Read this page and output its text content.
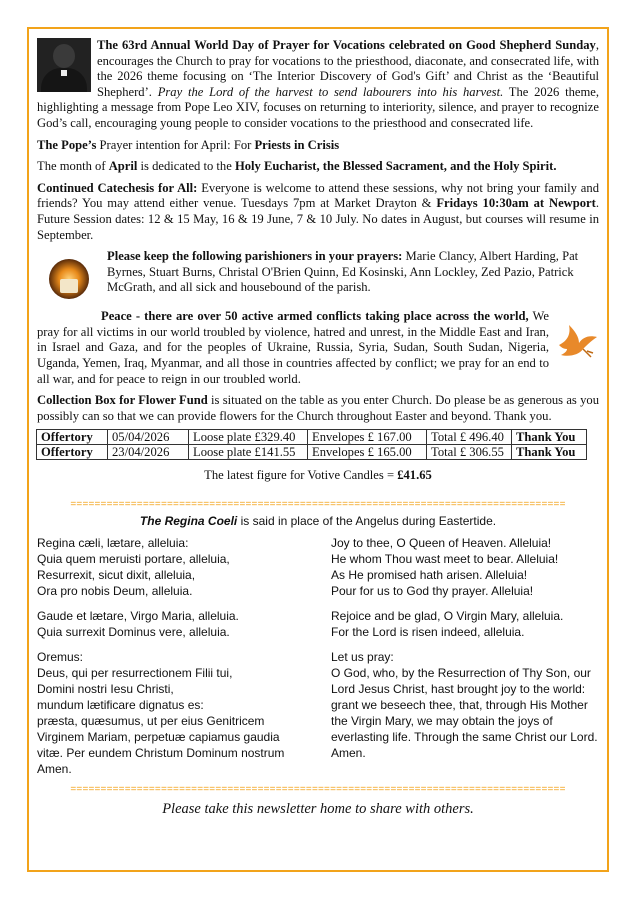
The 63rd Annual World Day of Prayer for Vocations celebrated on Good Shepherd Sunday, encourages the Church to pray for vocations to the priesthood, diaconate, and consecrated life, with the 2026 theme focusing on ‘The Interior Discovery of God's Gift’ and Christ as the ‘Beautiful Shepherd’. Pray the Lord of the harvest to send labourers into his harvest. The 2026 theme, highlighting a message from Pope Leo XIV, focuses on returning to interiority, silence, and prayer to recognize God’s call, encouraging young people to consider vocations to the priesthood and consecrated life.

The Pope’s Prayer intention for April: For Priests in Crisis

The month of April is dedicated to the Holy Eucharist, the Blessed Sacrament, and the Holy Spirit.

Continued Catechesis for All: Everyone is welcome to attend these sessions, why not bring your family and friends? You may attend either venue. Tuesdays 7pm at Market Drayton & Fridays 10:30am at Newport. Future Session dates: 12 & 15 May, 16 & 19 June, 7 & 10 July. No dates in August, but courses will resume in September.

Please keep the following parishioners in your prayers: Marie Clancy, Albert Harding, Pat Byrnes, Stuart Burns, Christal O'Brien Quinn, Ed Kosinski, Ann Lockley, Zed Pazio, Patrick McGrath, and all sick and housebound of the parish.

Peace - there are over 50 active armed conflicts taking place across the world, We pray for all victims in our world troubled by violence, hatred and unrest, in the Middle East and Iran, in Israel and Gaza, and for the peoples of Ukraine, Russia, Syria, Sudan, South Sudan, Nigeria, Uganda, Yemen, Iraq, Myanmar, and all those in countries affected by conflict; we pray for an end to all war, and for peace to reign in our troubled world.

Collection Box for Flower Fund is situated on the table as you enter Church. Do please be as generous as you possibly can so that we can provide flowers for the Church throughout Easter and beyond. Thank you.

Offertory	05/04/2026	Loose plate £329.40	Envelopes £ 167.00	Total £ 496.40	Thank You
Offertory	23/04/2026	Loose plate £141.55	Envelopes £ 165.00	Total £ 306.55	Thank You

The latest figure for Votive Candles = £41.65

==================================================================================

The Regina Coeli is said in place of the Angelus during Eastertide.

Regina cæli, lætare, alleluia:
Quia quem meruisti portare, alleluia,
Resurrexit, sicut dixit, alleluia,
Ora pro nobis Deum, alleluia.

Gaude et lætare, Virgo Maria, alleluia.
Quia surrexit Dominus vere, alleluia.

Oremus:
Deus, qui per resurrectionem Filii tui,
Domini nostri Iesu Christi,
mundum lætificare dignatus es:
præsta, quæsumus, ut per eius Genitricem
Virginem Mariam, perpetuæ capiamus gaudia
vitæ. Per eundem Christum Dominum nostrum
Amen.

Joy to thee, O Queen of Heaven. Alleluia!
He whom Thou wast meet to bear. Alleluia!
As He promised hath arisen. Alleluia!
Pour for us to God thy prayer. Alleluia!

Rejoice and be glad, O Virgin Mary, alleluia.
For the Lord is risen indeed, alleluia.

Let us pray:
O God, who, by the Resurrection of Thy Son, our
Lord Jesus Christ, hast brought joy to the world:
grant we beseech thee, that, through His Mother
the Virgin Mary, we may obtain the joys of
everlasting life. Through the same Christ our Lord.
Amen.

==================================================================================

Please take this newsletter home to share with others.
